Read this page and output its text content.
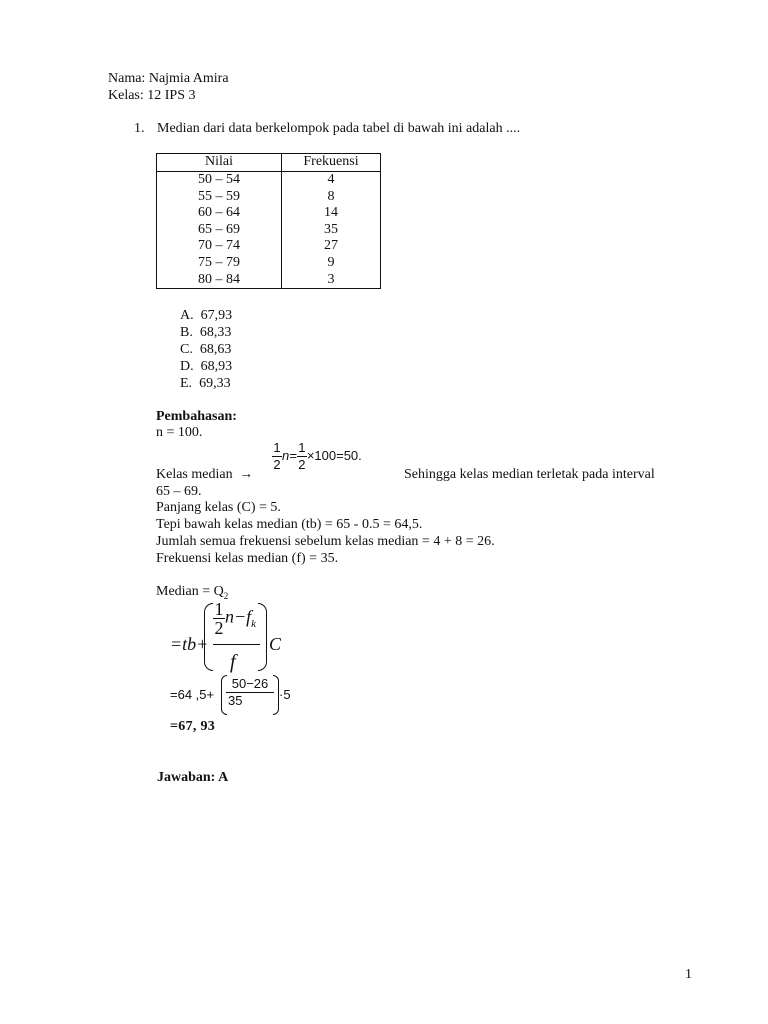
Nama: Najmia Amira
Kelas: 12 IPS 3
1. Median dari data berkelompok pada tabel di bawah ini adalah ....
Nilai	Frekuensi
50 – 54	4
55 – 59	8
60 – 64	14
65 – 69	35
70 – 74	27
75 – 79	9
80 – 84	3
A. 67,93
B. 68,33
C. 68,63
D. 68,93
E. 69,33
Pembahasan:
n = 100.
Kelas median →
$\frac{1}{2} n= \frac{1}{2} \times 100=50$.
Sehingga kelas median terletak pada interval
65 – 69.
Panjang kelas (C) = 5.
Tepi bawah kelas median (tb) = 65 - 0.5 = 64,5.
Jumlah semua frekuensi sebelum kelas median = 4 + 8 = 26.
Frekuensi kelas median (f) = 35.
Median = $Q_2$
=tb+
$\frac{1}{2} n-f_k$
f
C
=64 $,5+ \frac{50-26}{35} \cdot 5$
=67, 93
Jawaban: A
1
